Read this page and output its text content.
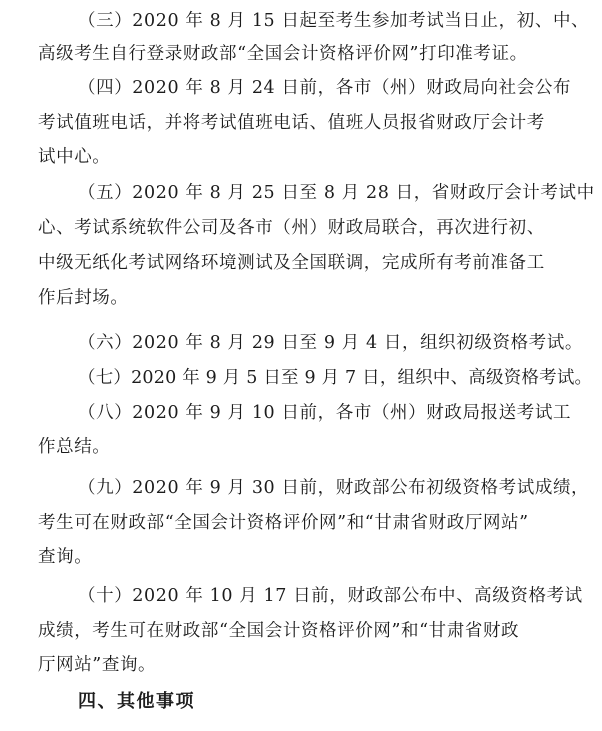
（三）2020 年 8 月 15 日起至考生参加考试当日止，初、中、
高级考生自行登录财政部“全国会计资格评价网”打印准考证。
（四）2020 年 8 月 24 日前，各市（州）财政局向社会公布
考试值班电话，并将考试值班电话、值班人员报省财政厅会计考
试中心。
（五）2020 年 8 月 25 日至 8 月 28 日，省财政厅会计考试中
心、考试系统软件公司及各市（州）财政局联合，再次进行初、
中级无纸化考试网络环境测试及全国联调，完成所有考前准备工
作后封场。
（六）2020 年 8 月 29 日至 9 月 4 日，组织初级资格考试。
（七）2020 年 9 月 5 日至 9 月 7 日，组织中、高级资格考试。
（八）2020 年 9 月 10 日前，各市（州）财政局报送考试工
作总结。
（九）2020 年 9 月 30 日前，财政部公布初级资格考试成绩，
考生可在财政部“全国会计资格评价网”和“甘肃省财政厅网站”
查询。
（十）2020 年 10 月 17 日前，财政部公布中、高级资格考试
成绩，考生可在财政部“全国会计资格评价网”和“甘肃省财政
厅网站”查询。
四、其他事项
